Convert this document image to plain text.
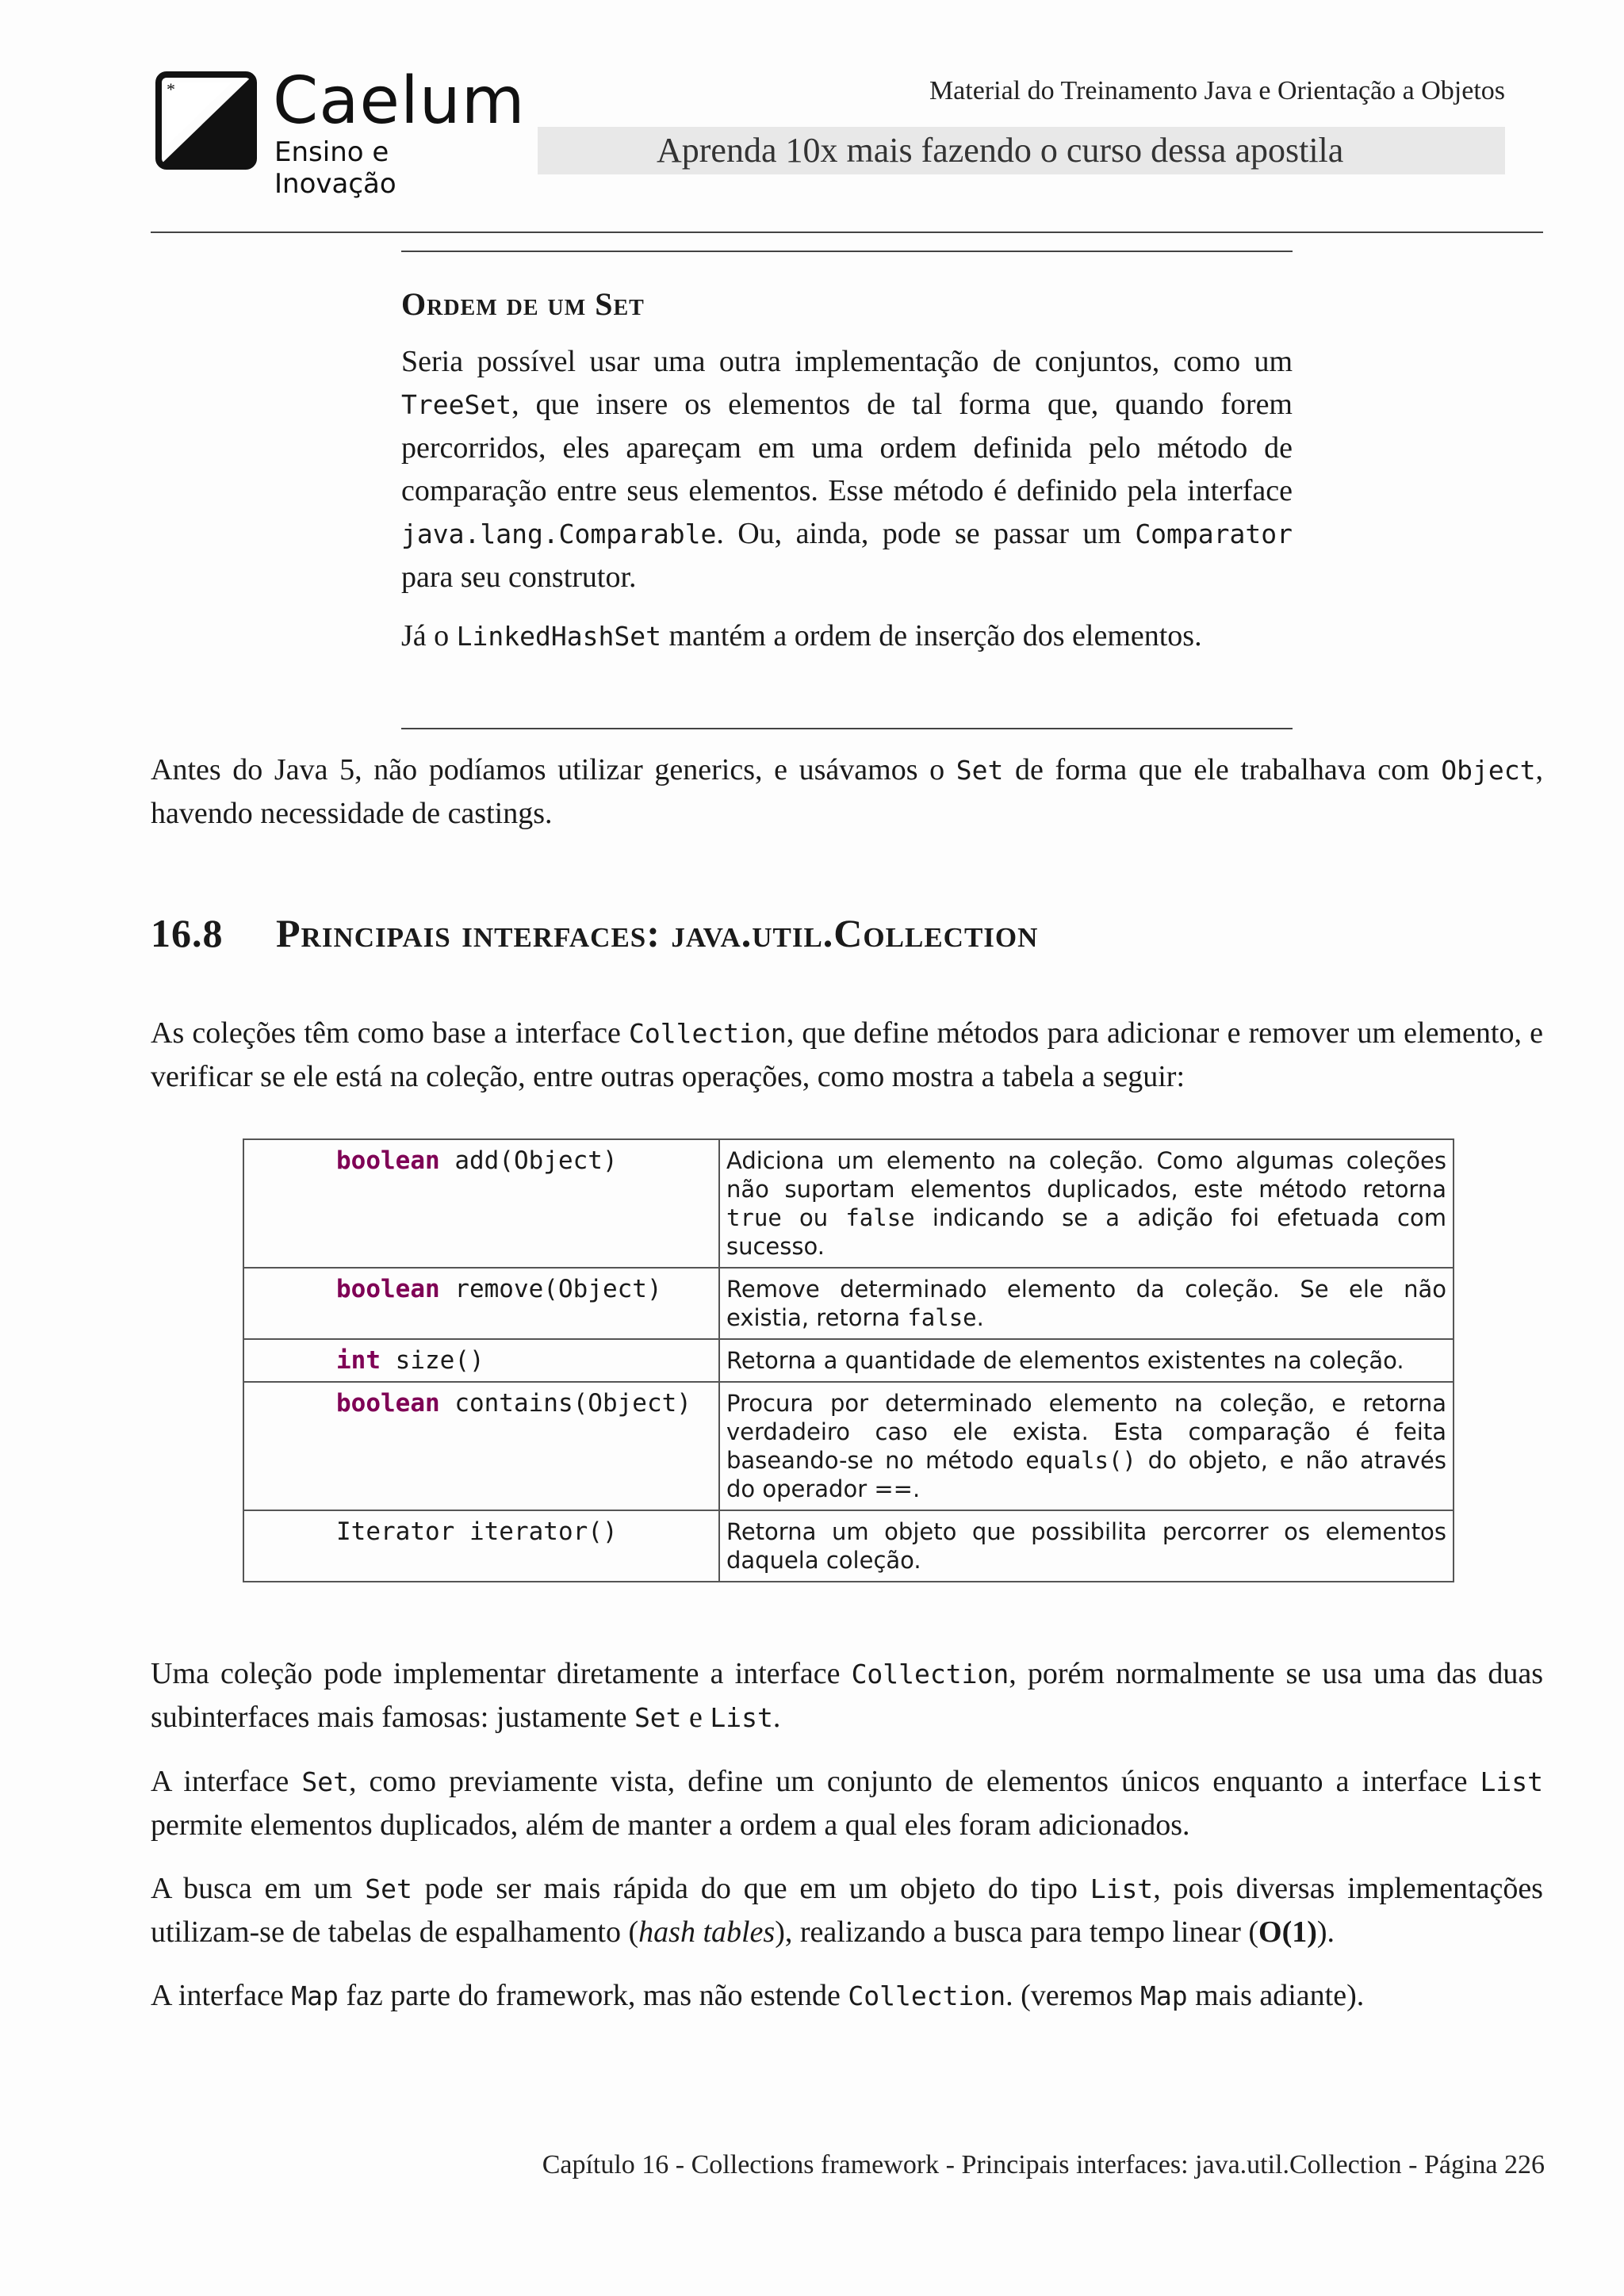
* Caelum
Ensino e Inovação
Material do Treinamento Java e Orientação a Objetos
Aprenda 10x mais fazendo o curso dessa apostila
Ordem de um Set

Seria possível usar uma outra implementação de conjuntos, como um TreeSet, que insere os elementos de tal forma que, quando forem percorridos, eles apareçam em uma ordem definida pelo método de comparação entre seus elementos. Esse método é definido pela interface java.lang.Comparable. Ou, ainda, pode se passar um Comparator para seu construtor.

Já o LinkedHashSet mantém a ordem de inserção dos elementos.

Antes do Java 5, não podíamos utilizar generics, e usávamos o Set de forma que ele trabalhava com Object, havendo necessidade de castings.

16.8 Principais interfaces: java.util.Collection

As coleções têm como base a interface Collection, que define métodos para adicionar e remover um elemento, e verificar se ele está na coleção, entre outras operações, como mostra a tabela a seguir:

boolean add(Object)	Adiciona um elemento na coleção. Como algumas coleções não suportam elementos duplicados, este método retorna true ou false indicando se a adição foi efetuada com sucesso.
boolean remove(Object)	Remove determinado elemento da coleção. Se ele não existia, retorna false.
int size()	Retorna a quantidade de elementos existentes na coleção.
boolean contains(Object)	Procura por determinado elemento na coleção, e retorna verdadeiro caso ele exista. Esta comparação é feita baseando-se no método equals() do objeto, e não através do operador ==.
Iterator iterator()	Retorna um objeto que possibilita percorrer os elementos daquela coleção.

Uma coleção pode implementar diretamente a interface Collection, porém normalmente se usa uma das duas subinterfaces mais famosas: justamente Set e List.

A interface Set, como previamente vista, define um conjunto de elementos únicos enquanto a interface List permite elementos duplicados, além de manter a ordem a qual eles foram adicionados.

A busca em um Set pode ser mais rápida do que em um objeto do tipo List, pois diversas implementações utilizam-se de tabelas de espalhamento (hash tables), realizando a busca para tempo linear (O(1)).

A interface Map faz parte do framework, mas não estende Collection. (veremos Map mais adiante).

Capítulo 16 - Collections framework - Principais interfaces: java.util.Collection - Página 226
